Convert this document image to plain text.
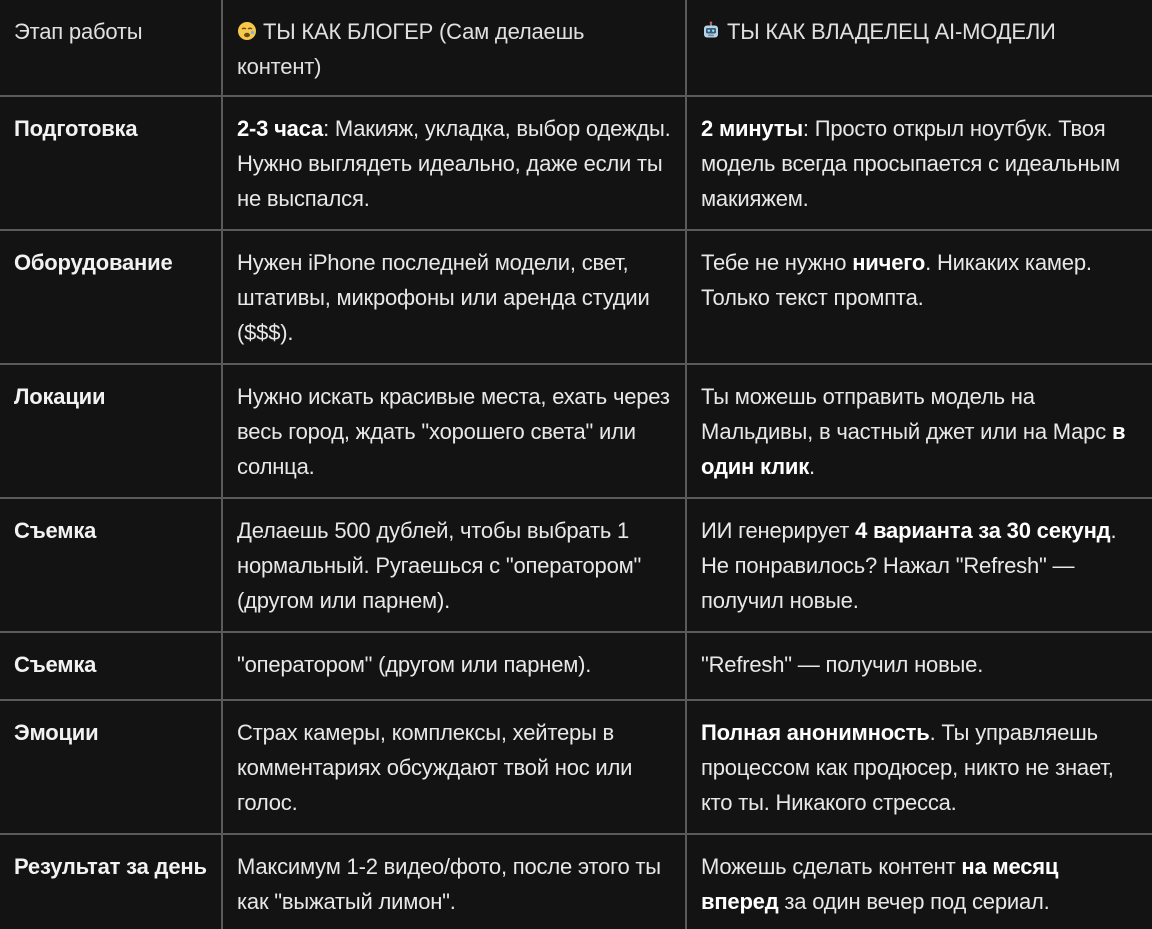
Этап работы	ТЫ КАК БЛОГЕР (Сам делаешь контент)	ТЫ КАК ВЛАДЕЛЕЦ AI-МОДЕЛИ
Подготовка	2-3 часа: Макияж, укладка, выбор одежды. Нужно выглядеть идеально, даже если ты не выспался.	2 минуты: Просто открыл ноутбук. Твоя модель всегда просыпается с идеальным макияжем.
Оборудование	Нужен iPhone последней модели, свет, штативы, микрофоны или аренда студии ($$$).	Тебе не нужно ничего. Никаких камер. Только текст промпта.
Локации	Нужно искать красивые места, ехать через весь город, ждать "хорошего света" или солнца.	Ты можешь отправить модель на Мальдивы, в частный джет или на Марс в один клик.
Съемка	Делаешь 500 дублей, чтобы выбрать 1 нормальный. Ругаешься с "оператором" (другом или парнем).	ИИ генерирует 4 варианта за 30 секунд. Не понравилось? Нажал "Refresh" — получил новые.
Съемка	"оператором" (другом или парнем).	"Refresh" — получил новые.
Эмоции	Страх камеры, комплексы, хейтеры в комментариях обсуждают твой нос или голос.	Полная анонимность. Ты управляешь процессом как продюсер, никто не знает, кто ты. Никакого стресса.
Результат за день	Максимум 1-2 видео/фото, после этого ты как "выжатый лимон".	Можешь сделать контент на месяц вперед за один вечер под сериал.
